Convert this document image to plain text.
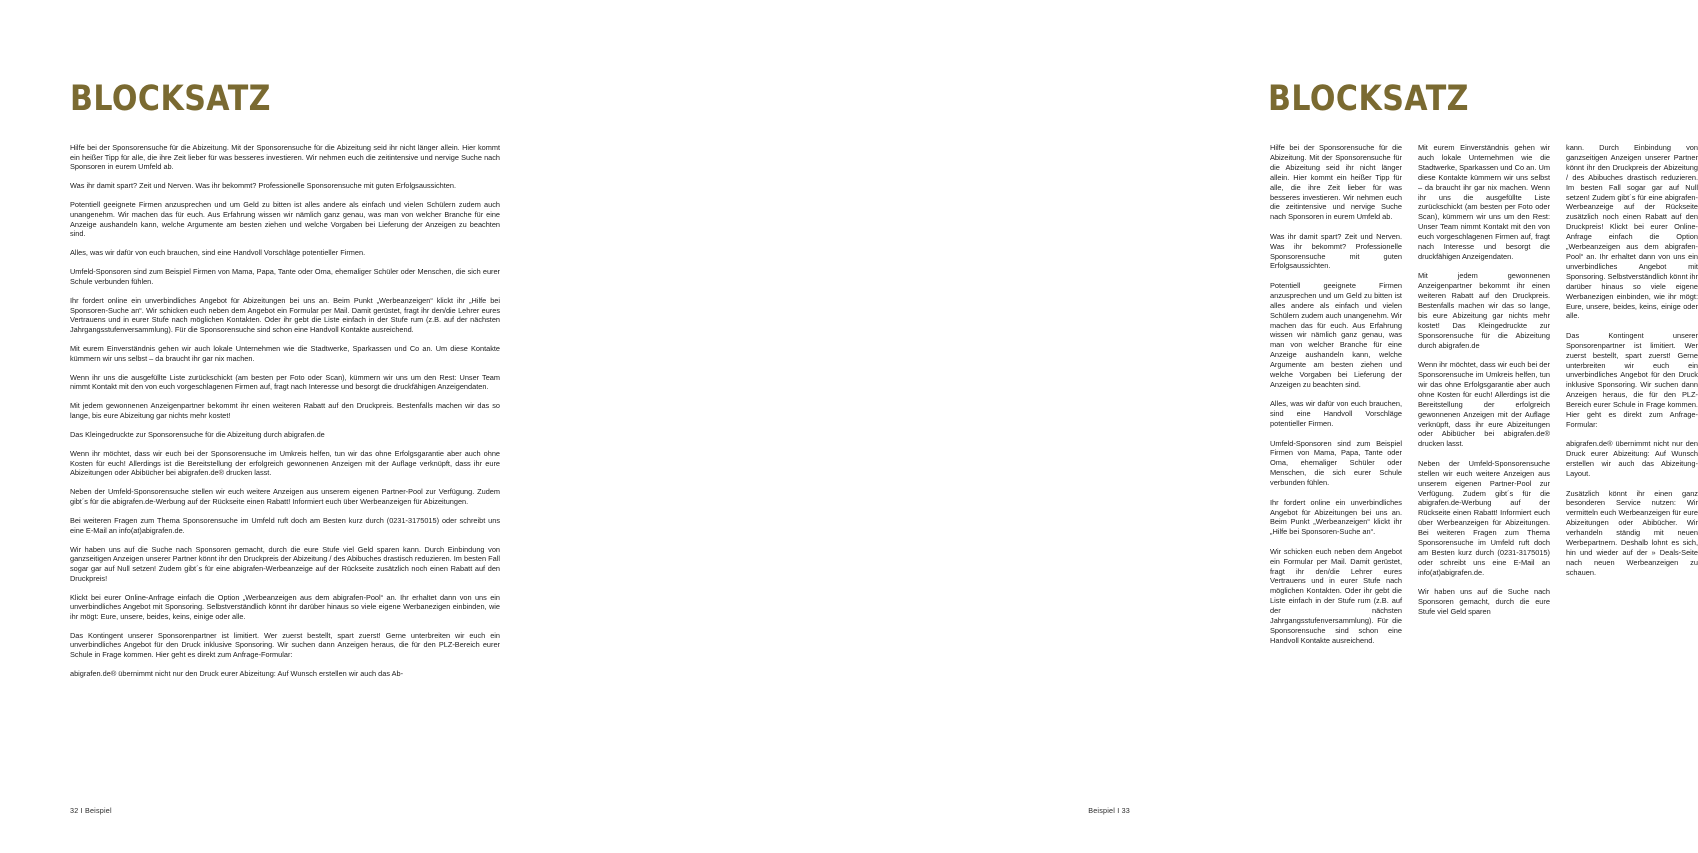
BLOCKSATZ

Hilfe bei der Sponsorensuche für die Abizeitung. Mit der Sponsorensuche für die Abizeitung seid ihr nicht länger allein. Hier kommt ein heißer Tipp für alle, die ihre Zeit lieber für was besseres investieren. Wir nehmen euch die zeitintensive und nervige Suche nach Sponsoren in eurem Umfeld ab.

Was ihr damit spart? Zeit und Nerven. Was ihr bekommt? Professionelle Sponsorensuche mit guten Erfolgsaussichten.

Potentiell geeignete Firmen anzusprechen und um Geld zu bitten ist alles andere als einfach und vielen Schülern zudem auch unangenehm. Wir machen das für euch. Aus Erfahrung wissen wir nämlich ganz genau, was man von welcher Branche für eine Anzeige aushandeln kann, welche Argumente am besten ziehen und welche Vorgaben bei Lieferung der Anzeigen zu beachten sind.

Alles, was wir dafür von euch brauchen, sind eine Handvoll Vorschläge potentieller Firmen.

Umfeld-Sponsoren sind zum Beispiel Firmen von Mama, Papa, Tante oder Oma, ehemaliger Schüler oder Menschen, die sich eurer Schule verbunden fühlen.

Ihr fordert online ein unverbindliches Angebot für Abizeitungen bei uns an. Beim Punkt „Werbeanzeigen“ klickt ihr „Hilfe bei Sponsoren-Suche an“. Wir schicken euch neben dem Angebot ein Formular per Mail. Damit gerüstet, fragt ihr den/die Lehrer eures Vertrauens und in eurer Stufe nach möglichen Kontakten. Oder ihr gebt die Liste einfach in der Stufe rum (z.B. auf der nächsten Jahrgangsstufenversammlung). Für die Sponsorensuche sind schon eine Handvoll Kontakte ausreichend.

Mit eurem Einverständnis gehen wir auch lokale Unternehmen wie die Stadtwerke, Sparkassen und Co an. Um diese Kontakte kümmern wir uns selbst – da braucht ihr gar nix machen.

Wenn ihr uns die ausgefüllte Liste zurückschickt (am besten per Foto oder Scan), kümmern wir uns um den Rest: Unser Team nimmt Kontakt mit den von euch vorgeschlagenen Firmen auf, fragt nach Interesse und besorgt die druckfähigen Anzeigendaten.

Mit jedem gewonnenen Anzeigenpartner bekommt ihr einen weiteren Rabatt auf den Druckpreis. Bestenfalls machen wir das so lange, bis eure Abizeitung gar nichts mehr kostet!

Das Kleingedruckte zur Sponsorensuche für die Abizeitung durch abigrafen.de

Wenn ihr möchtet, dass wir euch bei der Sponsorensuche im Umkreis helfen, tun wir das ohne Erfolgsgarantie aber auch ohne Kosten für euch! Allerdings ist die Bereitstellung der erfolgreich gewonnenen Anzeigen mit der Auflage verknüpft, dass ihr eure Abizeitungen oder Abibücher bei abigrafen.de® drucken lasst.

Neben der Umfeld-Sponsorensuche stellen wir euch weitere Anzeigen aus unserem eigenen Partner-Pool zur Verfügung. Zudem gibt´s für die abigrafen.de-Werbung auf der Rückseite einen Rabatt! Informiert euch über Werbeanzeigen für Abizeitungen.

Bei weiteren Fragen zum Thema Sponsorensuche im Umfeld ruft doch am Besten kurz durch (0231-3175015) oder schreibt uns eine E-Mail an info(at)abigrafen.de.

Wir haben uns auf die Suche nach Sponsoren gemacht, durch die eure Stufe viel Geld sparen kann. Durch Einbindung von ganzseitigen Anzeigen unserer Partner könnt ihr den Druckpreis der Abizeitung / des Abibuches drastisch reduzieren. Im besten Fall sogar gar auf Null setzen! Zudem gibt´s für eine abigrafen-Werbeanzeige auf der Rückseite zusätzlich noch einen Rabatt auf den Druckpreis!

Klickt bei eurer Online-Anfrage einfach die Option „Werbeanzeigen aus dem abigrafen-Pool“ an. Ihr erhaltet dann von uns ein unverbindliches Angebot mit Sponsoring. Selbstverständlich könnt ihr darüber hinaus so viele eigene Werbanezigen einbinden, wie ihr mögt: Eure, unsere, beides, keins, einige oder alle.

Das Kontingent unserer Sponsorenpartner ist limitiert. Wer zuerst bestellt, spart zuerst! Gerne unterbreiten wir euch ein unverbindliches Angebot für den Druck inklusive Sponsoring. Wir suchen dann Anzeigen heraus, die für den PLZ-Bereich eurer Schule in Frage kommen. Hier geht es direkt zum Anfrage-Formular:

abigrafen.de® übernimmt nicht nur den Druck eurer Abizeitung: Auf Wunsch erstellen wir auch das Ab-

32 I Beispiel
BLOCKSATZ

Hilfe bei der Sponsorensuche für die Abizeitung. Mit der Sponsorensuche für die Abizeitung seid ihr nicht länger allein. Hier kommt ein heißer Tipp für alle, die ihre Zeit lieber für was besseres investieren. Wir nehmen euch die zeitintensive und nervige Suche nach Sponsoren in eurem Umfeld ab.

Was ihr damit spart? Zeit und Nerven. Was ihr bekommt? Professionelle Sponsorensuche mit guten Erfolgsaussichten.

Potentiell geeignete Firmen anzusprechen und um Geld zu bitten ist alles andere als einfach und vielen Schülern zudem auch unangenehm. Wir machen das für euch. Aus Erfahrung wissen wir nämlich ganz genau, was man von welcher Branche für eine Anzeige aushandeln kann, welche Argumente am besten ziehen und welche Vorgaben bei Lieferung der Anzeigen zu beachten sind.

Alles, was wir dafür von euch brauchen, sind eine Handvoll Vorschläge potentieller Firmen.

Umfeld-Sponsoren sind zum Beispiel Firmen von Mama, Papa, Tante oder Oma, ehemaliger Schüler oder Menschen, die sich eurer Schule verbunden fühlen.

Ihr fordert online ein unverbindliches Angebot für Abizeitungen bei uns an. Beim Punkt „Werbeanzeigen“ klickt ihr „Hilfe bei Sponsoren-Suche an“.

Wir schicken euch neben dem Angebot ein Formular per Mail. Damit gerüstet, fragt ihr den/die Lehrer eures Vertrauens und in eurer Stufe nach möglichen Kontakten. Oder ihr gebt die Liste einfach in der Stufe rum (z.B. auf der nächsten Jahrgangsstufenversammlung). Für die Sponsorensuche sind schon eine Handvoll Kontakte ausreichend.

Mit eurem Einverständnis gehen wir auch lokale Unternehmen wie die Stadtwerke, Sparkassen und Co an. Um diese Kontakte kümmern wir uns selbst – da braucht ihr gar nix machen. Wenn ihr uns die ausgefüllte Liste zurückschickt (am besten per Foto oder Scan), kümmern wir uns um den Rest: Unser Team nimmt Kontakt mit den von euch vorgeschlagenen Firmen auf, fragt nach Interesse und besorgt die druckfähigen Anzeigendaten.

Mit jedem gewonnenen Anzeigenpartner bekommt ihr einen weiteren Rabatt auf den Druckpreis. Bestenfalls machen wir das so lange, bis eure Abizeitung gar nichts mehr kostet! Das Kleingedruckte zur Sponsorensuche für die Abizeitung durch abigrafen.de

Wenn ihr möchtet, dass wir euch bei der Sponsorensuche im Umkreis helfen, tun wir das ohne Erfolgsgarantie aber auch ohne Kosten für euch! Allerdings ist die Bereitstellung der erfolgreich gewonnenen Anzeigen mit der Auflage verknüpft, dass ihr eure Abizeitungen oder Abibücher bei abigrafen.de® drucken lasst.

Neben der Umfeld-Sponsorensuche stellen wir euch weitere Anzeigen aus unserem eigenen Partner-Pool zur Verfügung. Zudem gibt´s für die abigrafen.de-Werbung auf der Rückseite einen Rabatt! Informiert euch über Werbeanzeigen für Abizeitungen. Bei weiteren Fragen zum Thema Sponsorensuche im Umfeld ruft doch am Besten kurz durch (0231-3175015) oder schreibt uns eine E-Mail an info(at)abigrafen.de.

Wir haben uns auf die Suche nach Sponsoren gemacht, durch die eure Stufe viel Geld sparen

kann. Durch Einbindung von ganzseitigen Anzeigen unserer Partner könnt ihr den Druckpreis der Abizeitung / des Abibuches drastisch reduzieren. Im besten Fall sogar gar auf Null setzen! Zudem gibt´s für eine abigrafen-Werbeanzeige auf der Rückseite zusätzlich noch einen Rabatt auf den Druckpreis! Klickt bei eurer Online-Anfrage einfach die Option „Werbeanzeigen aus dem abigrafen-Pool“ an. Ihr erhaltet dann von uns ein unverbindliches Angebot mit Sponsoring. Selbstverständlich könnt ihr darüber hinaus so viele eigene Werbanezigen einbinden, wie ihr mögt: Eure, unsere, beides, keins, einige oder alle.

Das Kontingent unserer Sponsorenpartner ist limitiert. Wer zuerst bestellt, spart zuerst! Gerne unterbreiten wir euch ein unverbindliches Angebot für den Druck inklusive Sponsoring. Wir suchen dann Anzeigen heraus, die für den PLZ-Bereich eurer Schule in Frage kommen. Hier geht es direkt zum Anfrage-Formular:

abigrafen.de® übernimmt nicht nur den Druck eurer Abizeitung: Auf Wunsch erstellen wir auch das Abizeitung-Layout.

Zusätzlich könnt ihr einen ganz besonderen Service nutzen: Wir vermitteln euch Werbeanzeigen für eure Abizeitungen oder Abibücher. Wir verhandeln ständig mit neuen Werbepartnern. Deshalb lohnt es sich, hin und wieder auf der » Deals-Seite nach neuen Werbeanzeigen zu schauen.

Beispiel I 33
